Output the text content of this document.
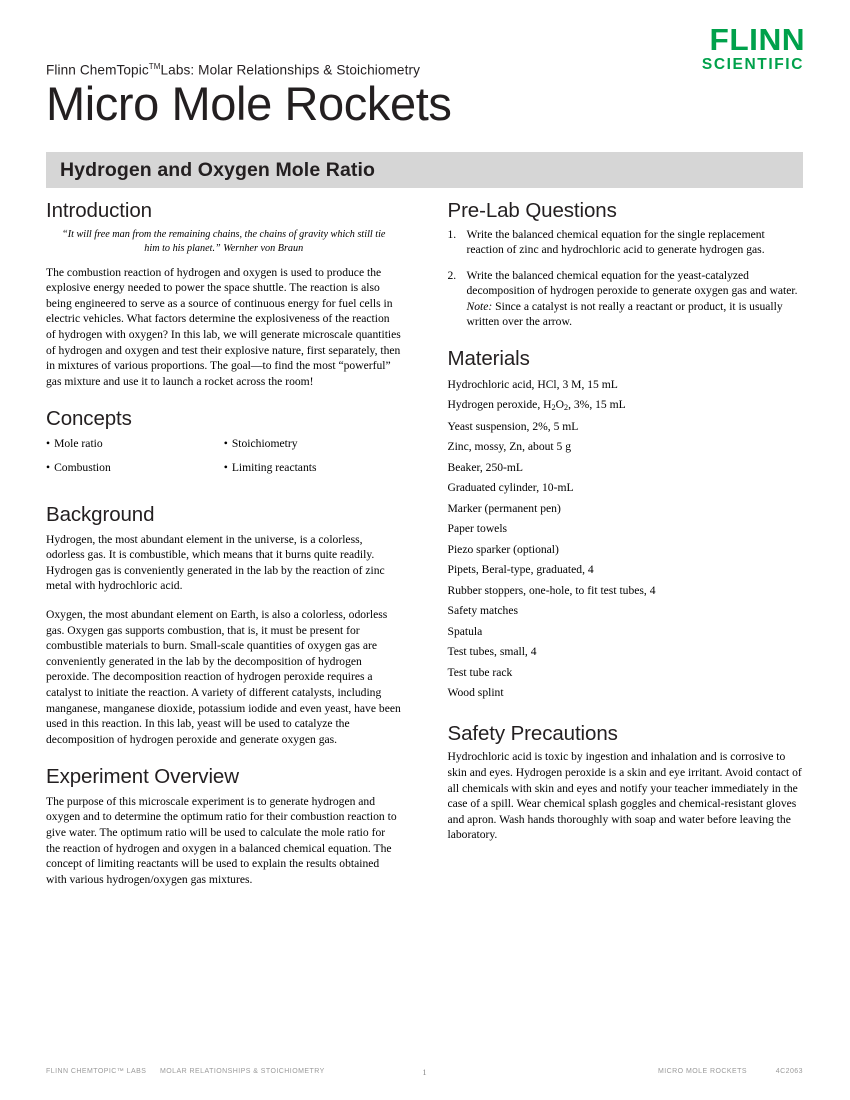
FLINN
SCIENTIFIC
Flinn ChemTopic™Labs: Molar Relationships & Stoichiometry
Micro Mole Rockets
Hydrogen and Oxygen Mole Ratio
Introduction
“It will free man from the remaining chains, the chains of gravity which still tie him to his planet.” Wernher von Braun

The combustion reaction of hydrogen and oxygen is used to produce the explosive energy needed to power the space shuttle. The reaction is also being engineered to serve as a source of continuous energy for fuel cells in electric vehicles. What factors determine the explosiveness of the reaction of hydrogen with oxygen? In this lab, we will generate microscale quantities of hydrogen and oxygen and test their explosive nature, first separately, then in mixtures of various proportions. The goal—to find the most “powerful” gas mixture and use it to launch a rocket across the room!

Concepts
• Mole ratio
• Combustion
• Stoichiometry
• Limiting reactants
Background

Hydrogen, the most abundant element in the universe, is a colorless, odorless gas. It is combustible, which means that it burns quite readily. Hydrogen gas is conveniently generated in the lab by the reaction of zinc metal with hydrochloric acid.

Oxygen, the most abundant element on Earth, is also a colorless, odorless gas. Oxygen gas supports combustion, that is, it must be present for combustible materials to burn. Small-scale quantities of oxygen gas are conveniently generated in the lab by the decomposition of hydrogen peroxide. The decomposition reaction of hydrogen peroxide requires a catalyst to initiate the reaction. A variety of different catalysts, including manganese, manganese dioxide, potassium iodide and even yeast, have been used in this reaction. In this lab, yeast will be used to catalyze the decomposition of hydrogen peroxide and generate oxygen gas.

Experiment Overview

The purpose of this microscale experiment is to generate hydrogen and oxygen and to determine the optimum ratio for their combustion reaction to give water. The optimum ratio will be used to calculate the mole ratio for the reaction of hydrogen and oxygen in a balanced chemical equation. The concept of limiting reactants will be used to explain the results obtained with various hydrogen/oxygen gas mixtures.

Pre-Lab Questions
1. Write the balanced chemical equation for the single replacement reaction of zinc and hydrochloric acid to generate hydrogen gas.
2. Write the balanced chemical equation for the yeast-catalyzed decomposition of hydrogen peroxide to generate oxygen gas and water. Note: Since a catalyst is not really a reactant or product, it is usually written over the arrow.
Materials
Hydrochloric acid, HCl, 3 M, 15 mL
Hydrogen peroxide, $H_2O_2$, 3%, 15 mL
Yeast suspension, 2%, 5 mL
Zinc, mossy, Zn, about 5 g
Beaker, 250-mL
Graduated cylinder, 10-mL
Marker (permanent pen)
Paper towels
Piezo sparker (optional)
Pipets, Beral-type, graduated, 4
Rubber stoppers, one-hole, to fit test tubes, 4
Safety matches
Spatula
Test tubes, small, 4
Test tube rack
Wood splint
Safety Precautions

Hydrochloric acid is toxic by ingestion and inhalation and is corrosive to skin and eyes. Hydrogen peroxide is a skin and eye irritant. Avoid contact of all chemicals with skin and eyes and notify your teacher immediately in the case of a spill. Wear chemical splash goggles and chemical-resistant gloves and apron. Wash hands thoroughly with soap and water before leaving the laboratory.

FLINN CHEMTOPIC™ LABS MOLAR RELATIONSHIPS & STOICHIOMETRY	1	MICRO MOLE ROCKETS	4C2063
